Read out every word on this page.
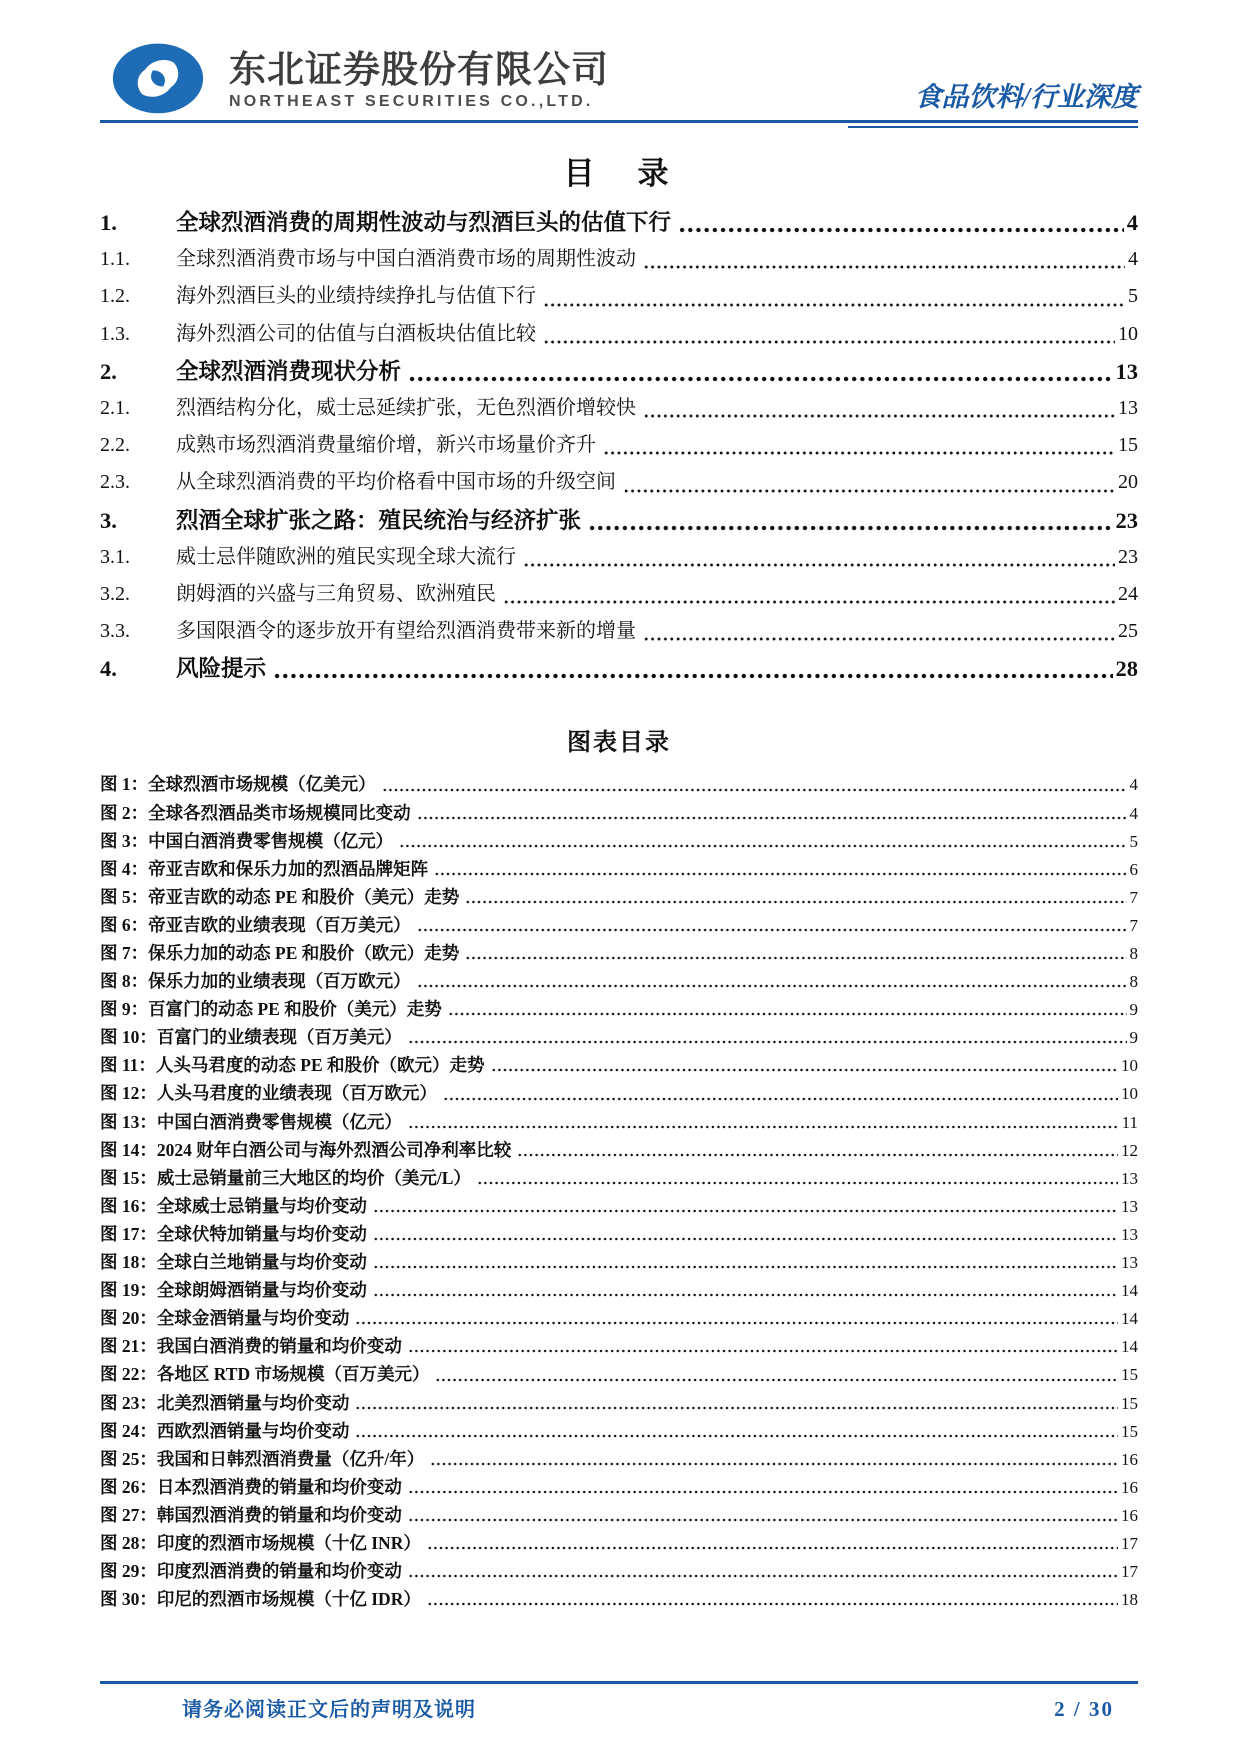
东北证券股份有限公司
NORTHEAST SECURITIES CO.,LTD.	食品饮料/行业深度
目　录
1.	全球烈酒消费的周期性波动与烈酒巨头的估值下行	4
1.1.	全球烈酒消费市场与中国白酒消费市场的周期性波动	4
1.2.	海外烈酒巨头的业绩持续挣扎与估值下行	5
1.3.	海外烈酒公司的估值与白酒板块估值比较	10
2.	全球烈酒消费现状分析	13
2.1.	烈酒结构分化，威士忌延续扩张，无色烈酒价增较快	13
2.2.	成熟市场烈酒消费量缩价增，新兴市场量价齐升	15
2.3.	从全球烈酒消费的平均价格看中国市场的升级空间	20
3.	烈酒全球扩张之路：殖民统治与经济扩张	23
3.1.	威士忌伴随欧洲的殖民实现全球大流行	23
3.2.	朗姆酒的兴盛与三角贸易、欧洲殖民	24
3.3.	多国限酒令的逐步放开有望给烈酒消费带来新的增量	25
4.	风险提示	28
图表目录
图 1：全球烈酒市场规模（亿美元）	4
图 2：全球各烈酒品类市场规模同比变动	4
图 3：中国白酒消费零售规模（亿元）	5
图 4：帝亚吉欧和保乐力加的烈酒品牌矩阵	6
图 5：帝亚吉欧的动态 PE 和股价（美元）走势	7
图 6：帝亚吉欧的业绩表现（百万美元）	7
图 7：保乐力加的动态 PE 和股价（欧元）走势	8
图 8：保乐力加的业绩表现（百万欧元）	8
图 9：百富门的动态 PE 和股价（美元）走势	9
图 10：百富门的业绩表现（百万美元）	9
图 11：人头马君度的动态 PE 和股价（欧元）走势	10
图 12：人头马君度的业绩表现（百万欧元）	10
图 13：中国白酒消费零售规模（亿元）	11
图 14：2024 财年白酒公司与海外烈酒公司净利率比较	12
图 15：威士忌销量前三大地区的均价（美元/L）	13
图 16：全球威士忌销量与均价变动	13
图 17：全球伏特加销量与均价变动	13
图 18：全球白兰地销量与均价变动	13
图 19：全球朗姆酒销量与均价变动	14
图 20：全球金酒销量与均价变动	14
图 21：我国白酒消费的销量和均价变动	14
图 22：各地区 RTD 市场规模（百万美元）	15
图 23：北美烈酒销量与均价变动	15
图 24：西欧烈酒销量与均价变动	15
图 25：我国和日韩烈酒消费量（亿升/年）	16
图 26：日本烈酒消费的销量和均价变动	16
图 27：韩国烈酒消费的销量和均价变动	16
图 28：印度的烈酒市场规模（十亿 INR）	17
图 29：印度烈酒消费的销量和均价变动	17
图 30：印尼的烈酒市场规模（十亿 IDR）	18
请务必阅读正文后的声明及说明	2 / 30
